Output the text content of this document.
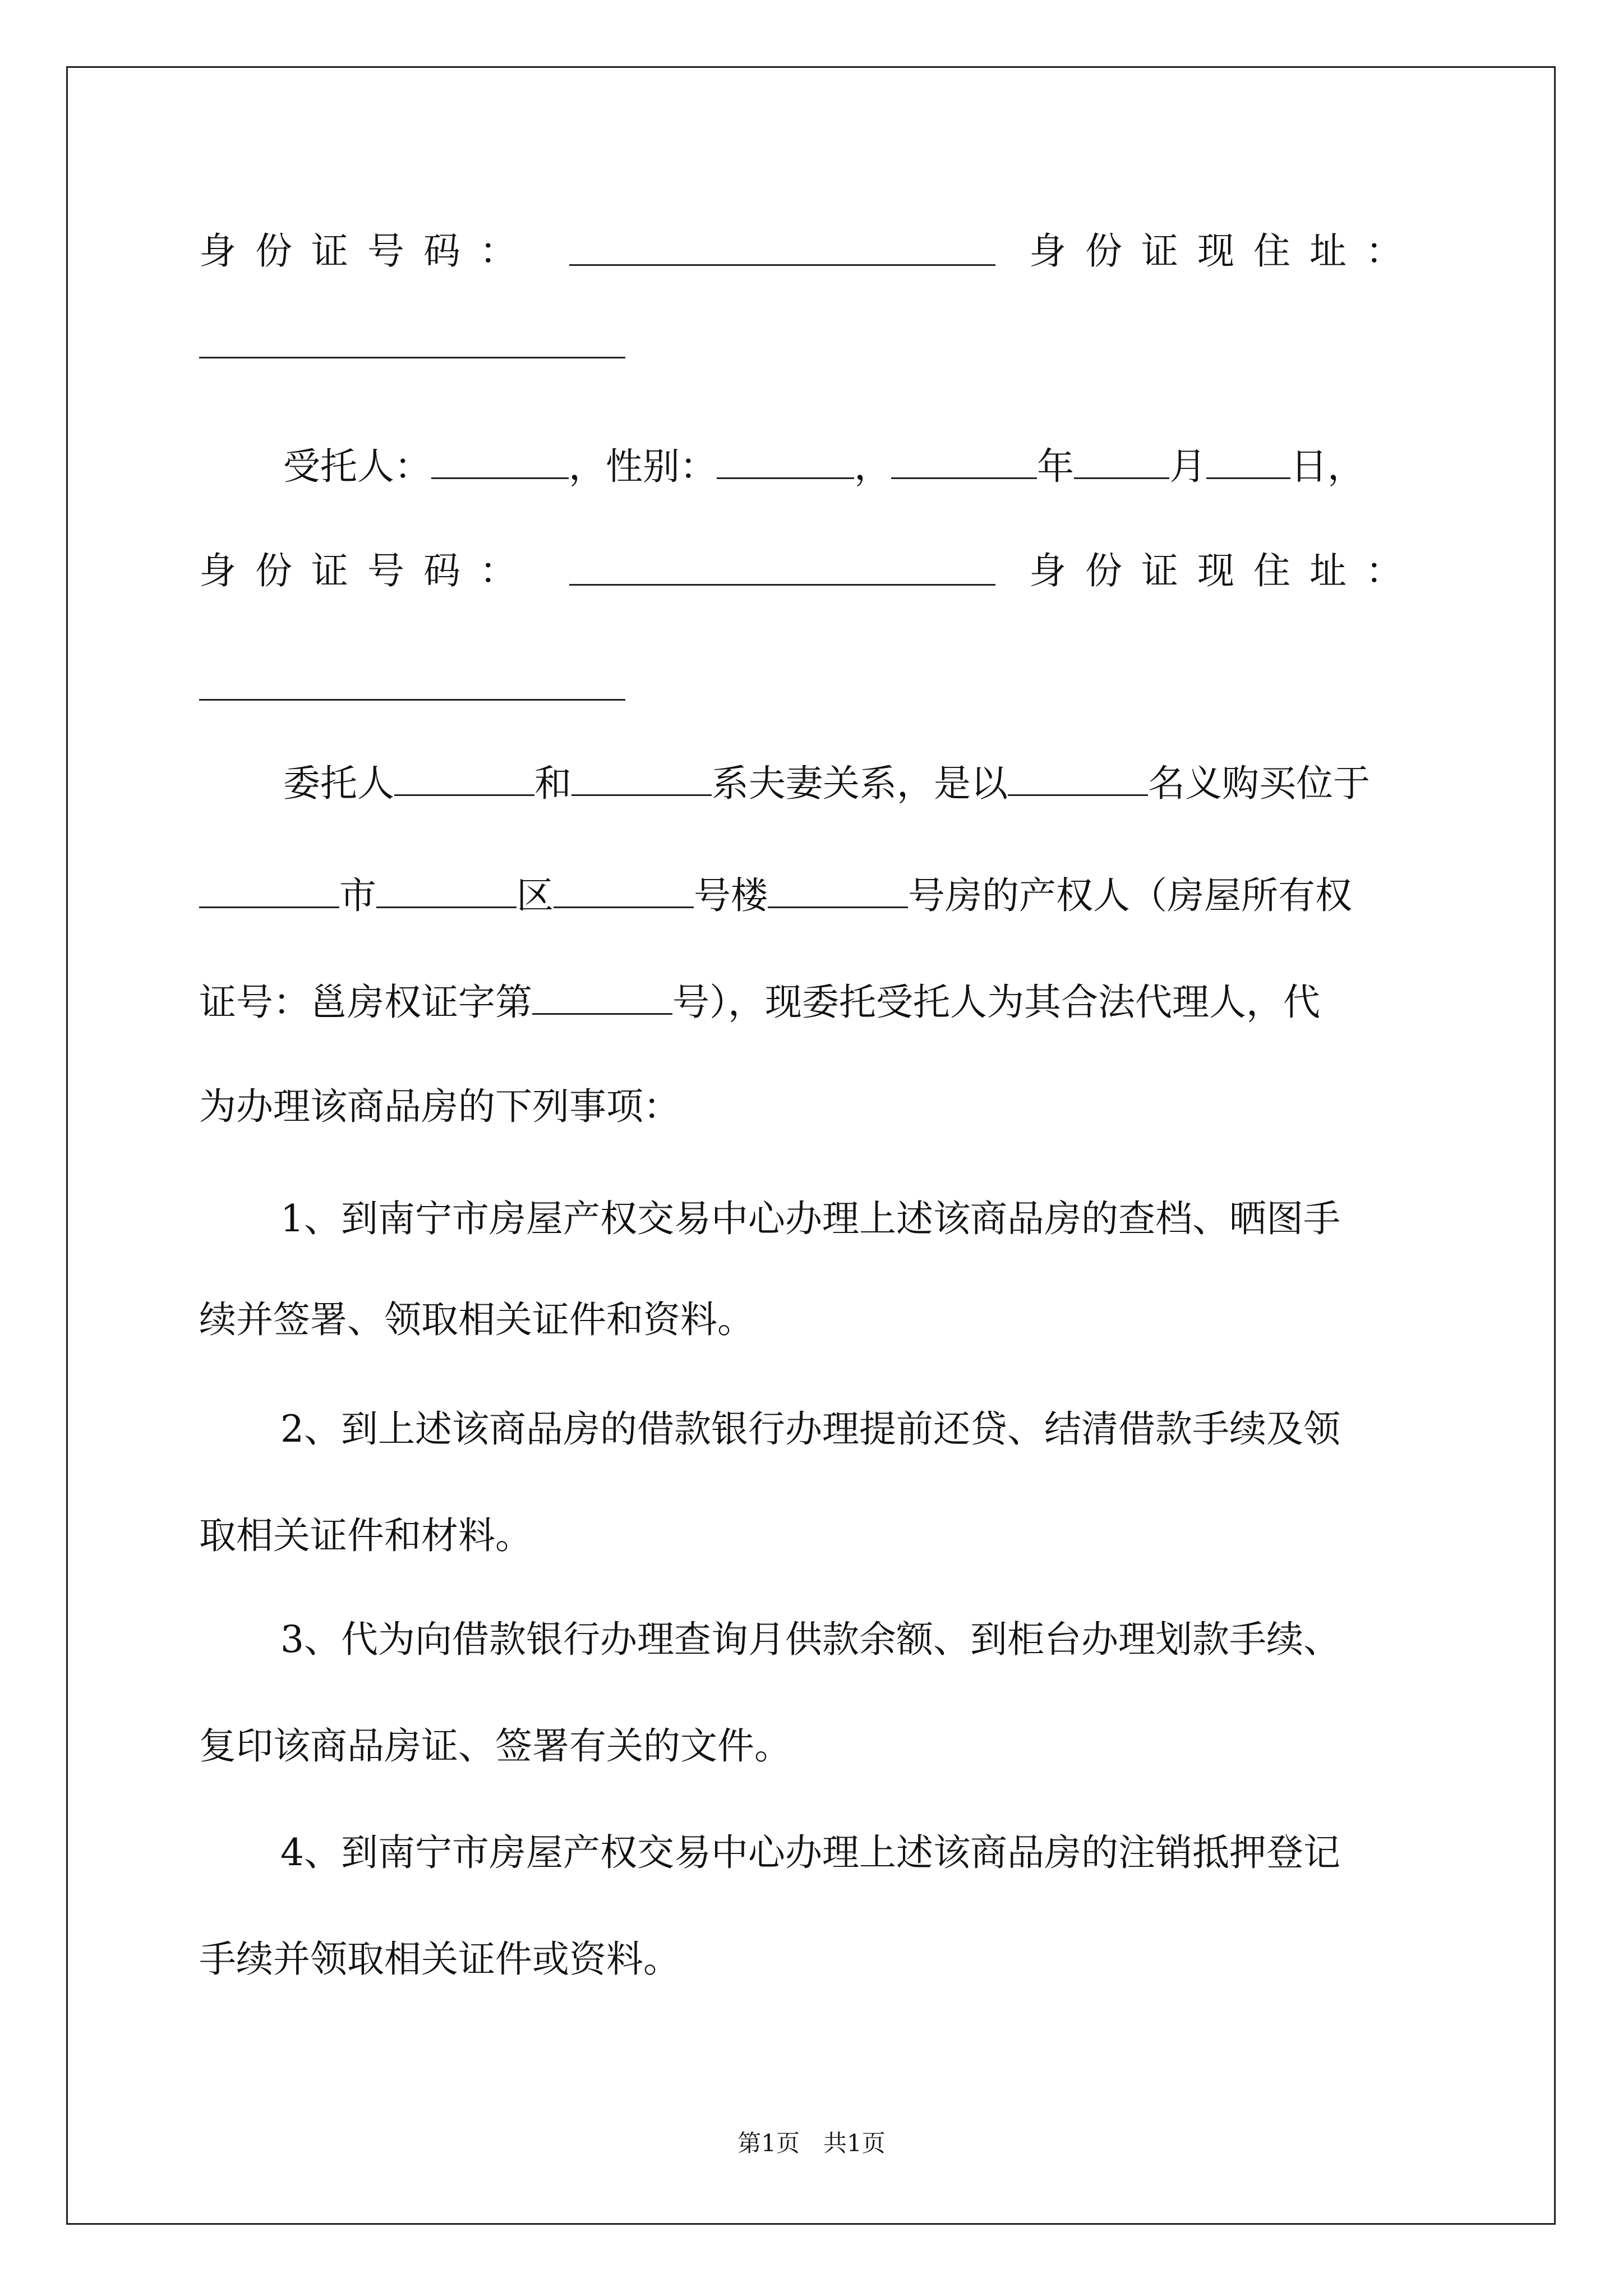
身份证号码：	身份证现住址：
受托人：	，性别：	，	年	月 日，
身份证号码：	身份证现住址：
委托人	和	系夫妻关系，是以	名义购买位于
市	区	号楼	号房的产权人（房屋所有权
证号：邕房权证字第	号），现委托受托人为其合法代理人，代
为办理该商品房的下列事项：
1、到南宁市房屋产权交易中心办理上述该商品房的查档、晒图手
续并签署、领取相关证件和资料。
2、到上述该商品房的借款银行办理提前还贷、结清借款手续及领
取相关证件和材料。
3、代为向借款银行办理查询月供款余额、到柜台办理划款手续、
复印该商品房证、签署有关的文件。
4、到南宁市房屋产权交易中心办理上述该商品房的注销抵押登记
手续并领取相关证件或资料。
第1页　共1页
